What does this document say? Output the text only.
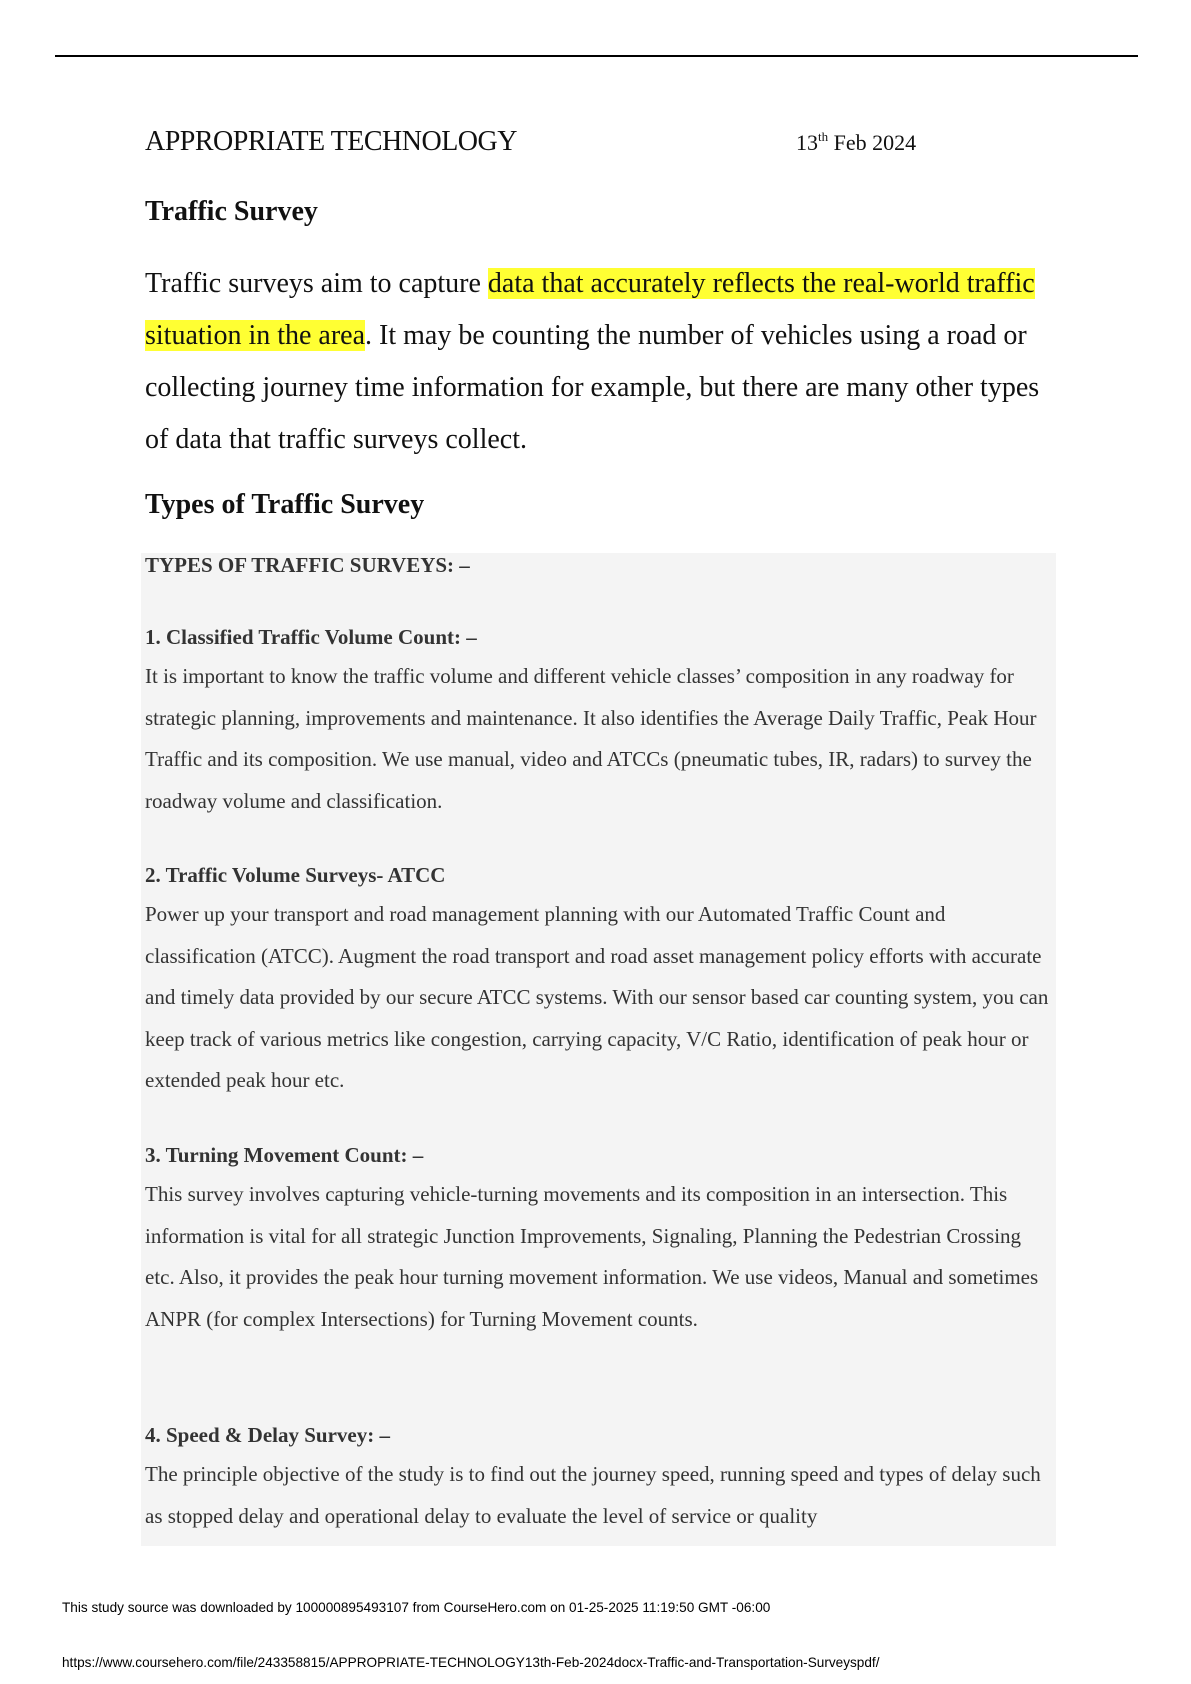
APPROPRIATE TECHNOLOGY	13th Feb 2024
Traffic Survey

Traffic surveys aim to capture data that accurately reflects the real-world traffic situation in the area. It may be counting the number of vehicles using a road or collecting journey time information for example, but there are many other types of data that traffic surveys collect.

Types of Traffic Survey
TYPES OF TRAFFIC SURVEYS: –
1. Classified Traffic Volume Count: –

It is important to know the traffic volume and different vehicle classes’ composition in any roadway for strategic planning, improvements and maintenance. It also identifies the Average Daily Traffic, Peak Hour Traffic and its composition. We use manual, video and ATCCs (pneumatic tubes, IR, radars) to survey the roadway volume and classification.

2. Traffic Volume Surveys- ATCC

Power up your transport and road management planning with our Automated Traffic Count and classification (ATCC). Augment the road transport and road asset management policy efforts with accurate and timely data provided by our secure ATCC systems. With our sensor based car counting system, you can keep track of various metrics like congestion, carrying capacity, V/C Ratio, identification of peak hour or extended peak hour etc.

3. Turning Movement Count: –

This survey involves capturing vehicle-turning movements and its composition in an intersection. This information is vital for all strategic Junction Improvements, Signaling, Planning the Pedestrian Crossing etc. Also, it provides the peak hour turning movement information. We use videos, Manual and sometimes ANPR (for complex Intersections) for Turning Movement counts.

4. Speed & Delay Survey: –

The principle objective of the study is to find out the journey speed, running speed and types of delay such as stopped delay and operational delay to evaluate the level of service or quality

This study source was downloaded by 100000895493107 from CourseHero.com on 01-25-2025 11:19:50 GMT -06:00
https://www.coursehero.com/file/243358815/APPROPRIATE-TECHNOLOGY13th-Feb-2024docx-Traffic-and-Transportation-Surveyspdf/
